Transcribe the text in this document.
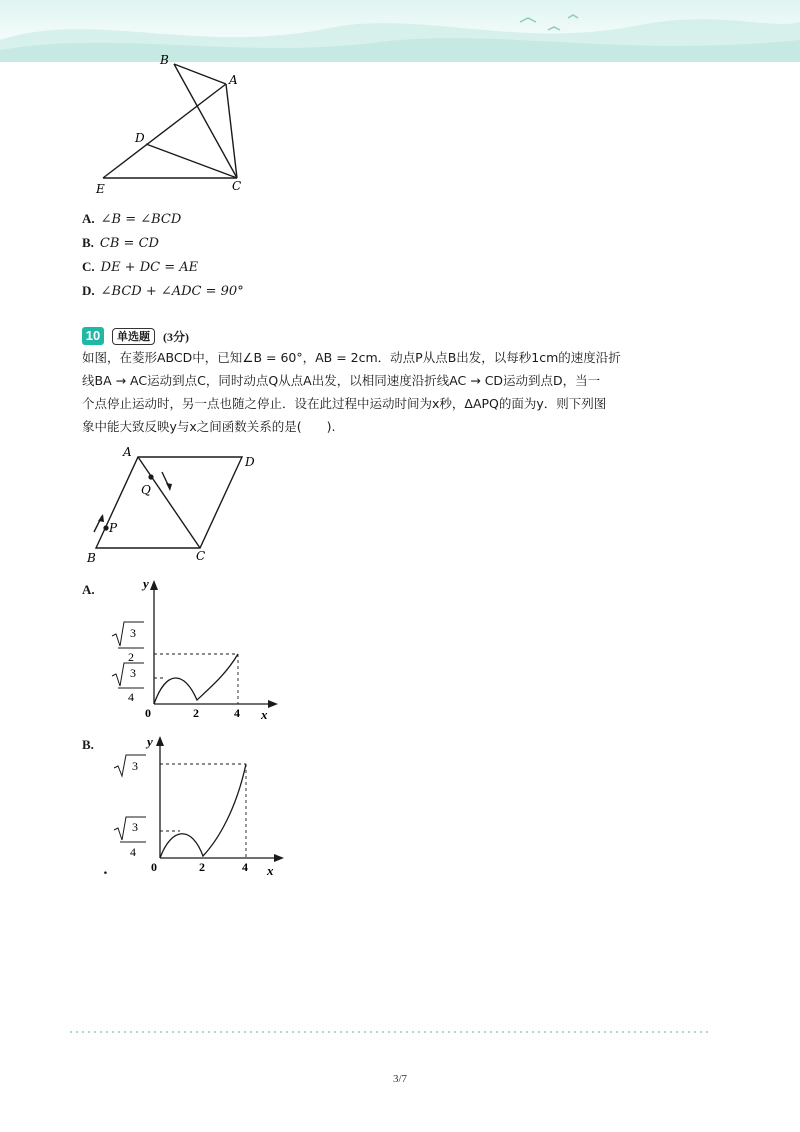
B
A
D
E	C
A. ∠B = ∠BCD
B. CB = CD
C. DE + DC = AE
D. ∠BCD + ∠ADC = 90°
10	单选题	(3分)
如图，在菱形ABCD中，已知∠B = 60°，AB = 2cm．动点P从点B出发，以每秒1cm的速度沿折
线BA → AC运动到点C，同时动点Q从点A出发，以相同速度沿折线AC → CD运动到点D，当一
个点停止运动时，另一点也随之停止．设在此过程中运动时间为x秒，ΔAPQ的面为y．则下列图
象中能大致反映y与x之间函数关系的是(　　).
A
D
Q
P
B	C
A.	y
x
0	2	4
3
2
3
4
B.	y
x
0	2	4
3
3
4
.
3/7
